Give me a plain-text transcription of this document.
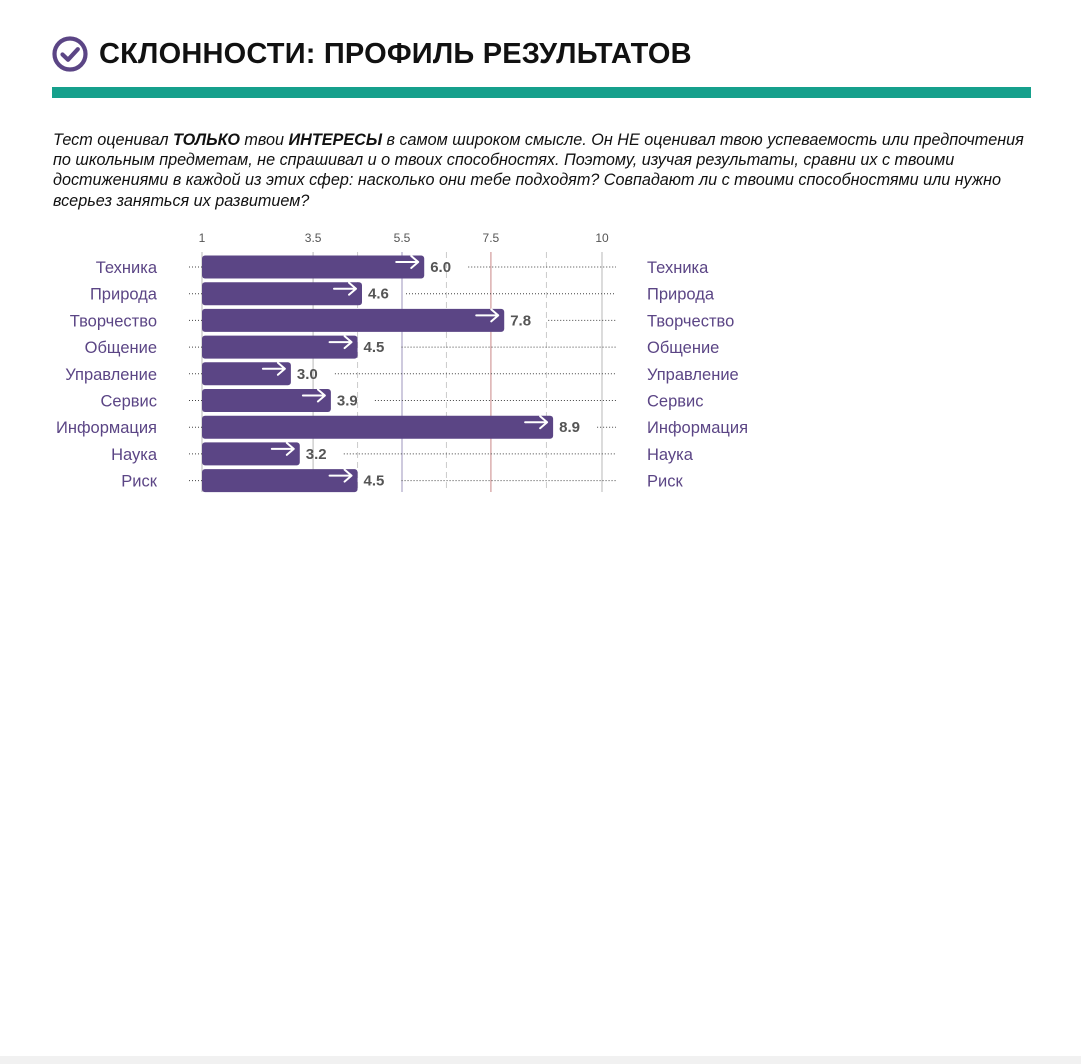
СКЛОННОСТИ: ПРОФИЛЬ РЕЗУЛЬТАТОВ

Тест оценивал ТОЛЬКО твои ИНТЕРЕСЫ в самом широком смысле. Он НЕ оценивал твою успеваемость или предпочтения по школьным предметам, не спрашивал и о твоих способностях. Поэтому, изучая результаты, сравни их с твоими достижениями в каждой из этих сфер: насколько они тебе подходят? Совпадают ли с твоими способностями или нужно всерьез заняться их развитием?

1	3.5	5.5	7.5	10
6.0
Техника	Техника
4.6
Природа	Природа
7.8
Творчество	Творчество
4.5
Общение	Общение
3.0
Управление	Управление
3.9
Сервис	Сервис
8.9
Информация	Информация
3.2
Наука	Наука
4.5
Риск	Риск
